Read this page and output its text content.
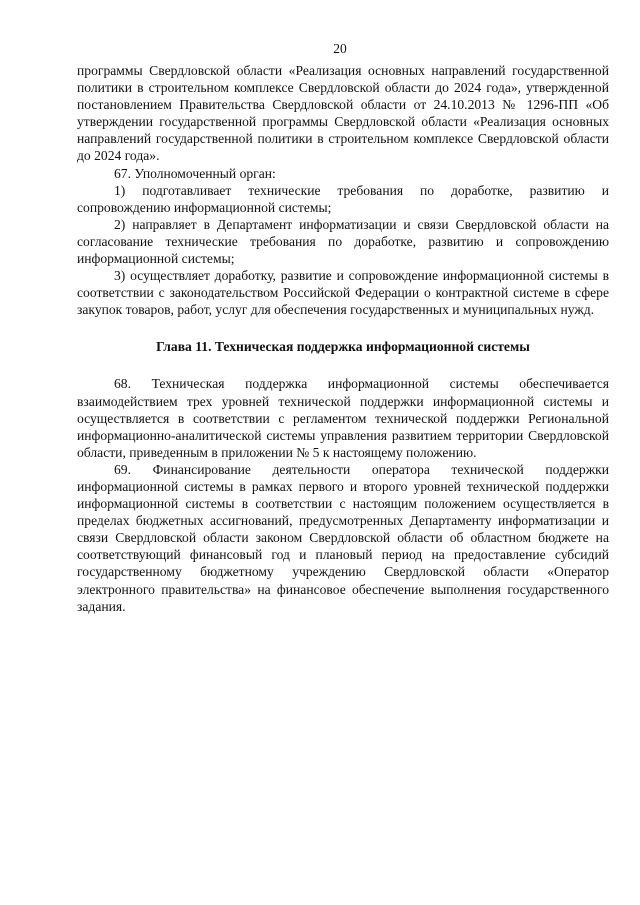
20

программы Свердловской области «Реализация основных направлений государственной политики в строительном комплексе Свердловской области до 2024 года», утвержденной постановлением Правительства Свердловской области от 24.10.2013 № 1296-ПП «Об утверждении государственной программы Свердловской области «Реализация основных направлений государственной политики в строительном комплексе Свердловской области до 2024 года».

67. Уполномоченный орган:

1) подготавливает технические требования по доработке, развитию и сопровождению информационной системы;

2) направляет в Департамент информатизации и связи Свердловской области на согласование технические требования по доработке, развитию и сопровождению информационной системы;

3) осуществляет доработку, развитие и сопровождение информационной системы в соответствии с законодательством Российской Федерации о контрактной системе в сфере закупок товаров, работ, услуг для обеспечения государственных и муниципальных нужд.

Глава 11. Техническая поддержка информационной системы

68. Техническая поддержка информационной системы обеспечивается взаимодействием трех уровней технической поддержки информационной системы и осуществляется в соответствии с регламентом технической поддержки Региональной информационно-аналитической системы управления развитием территории Свердловской области, приведенным в приложении № 5 к настоящему положению.

69. Финансирование деятельности оператора технической поддержки информационной системы в рамках первого и второго уровней технической поддержки информационной системы в соответствии с настоящим положением осуществляется в пределах бюджетных ассигнований, предусмотренных Департаменту информатизации и связи Свердловской области законом Свердловской области об областном бюджете на соответствующий финансовый год и плановый период на предоставление субсидий государственному бюджетному учреждению Свердловской области «Оператор электронного правительства» на финансовое обеспечение выполнения государственного задания.
